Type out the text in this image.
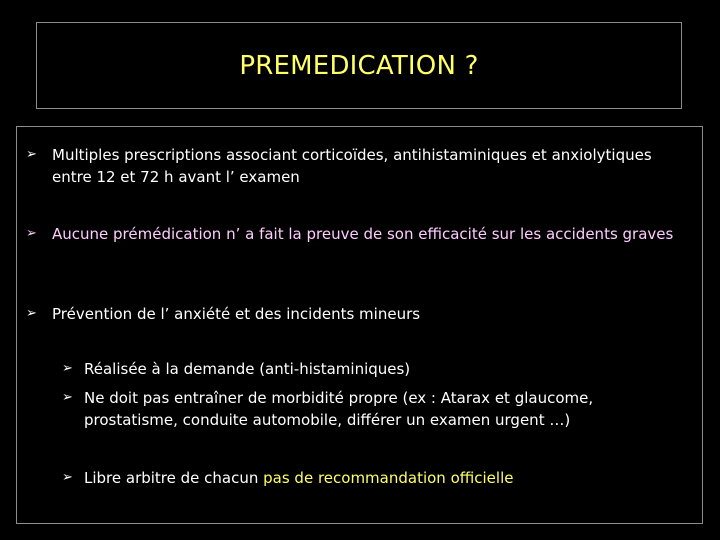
PREMEDICATION ?
➢	Multiples prescriptions associant corticoïdes, antihistaminiques et anxiolytiques entre 12 et 72 h avant l’ examen
➢	Aucune prémédication n’ a fait la preuve de son efficacité sur les accidents graves
➢	Prévention de l’ anxiété et des incidents mineurs
➢ Réalisée à la demande (anti-histaminiques)
➢ Ne doit pas entraîner de morbidité propre (ex : Atarax et glaucome, prostatisme, conduite automobile, différer un examen urgent …)
➢ Libre arbitre de chacun pas de recommandation officielle
